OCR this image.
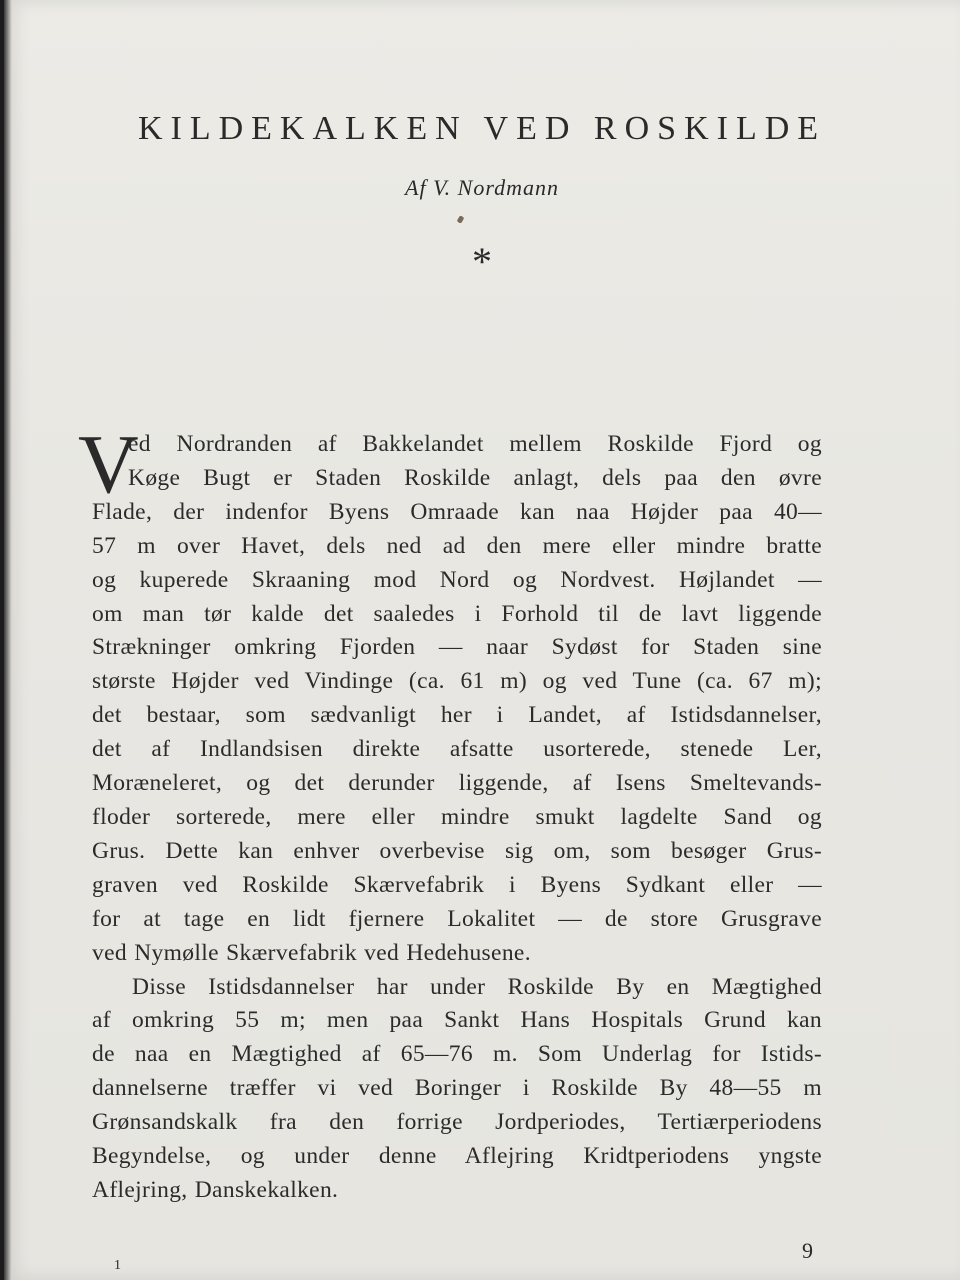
KILDEKALKEN VED ROSKILDE
Af V. Nordmann
*
V
ed Nordranden af Bakkelandet mellem Roskilde Fjord og
Køge Bugt er Staden Roskilde anlagt, dels paa den øvre
Flade, der indenfor Byens Omraade kan naa Højder paa 40—
57 m over Havet, dels ned ad den mere eller mindre bratte
og kuperede Skraaning mod Nord og Nordvest. Højlandet —
om man tør kalde det saaledes i Forhold til de lavt liggende
Strækninger omkring Fjorden — naar Sydøst for Staden sine
største Højder ved Vindinge (ca. 61 m) og ved Tune (ca. 67 m);
det bestaar, som sædvanligt her i Landet, af Istidsdannelser,
det af Indlandsisen direkte afsatte usorterede, stenede Ler,
Moræneleret, og det derunder liggende, af Isens Smeltevands-
floder sorterede, mere eller mindre smukt lagdelte Sand og
Grus. Dette kan enhver overbevise sig om, som besøger Grus-
graven ved Roskilde Skærvefabrik i Byens Sydkant eller —
for at tage en lidt fjernere Lokalitet — de store Grusgrave
ved Nymølle Skærvefabrik ved Hedehusene.
Disse Istidsdannelser har under Roskilde By en Mægtighed
af omkring 55 m; men paa Sankt Hans Hospitals Grund kan
de naa en Mægtighed af 65—76 m. Som Underlag for Istids-
dannelserne træffer vi ved Boringer i Roskilde By 48—55 m
Grønsandskalk fra den forrige Jordperiodes, Tertiærperiodens
Begyndelse, og under denne Aflejring Kridtperiodens yngste
Aflejring, Danskekalken.
9
1
